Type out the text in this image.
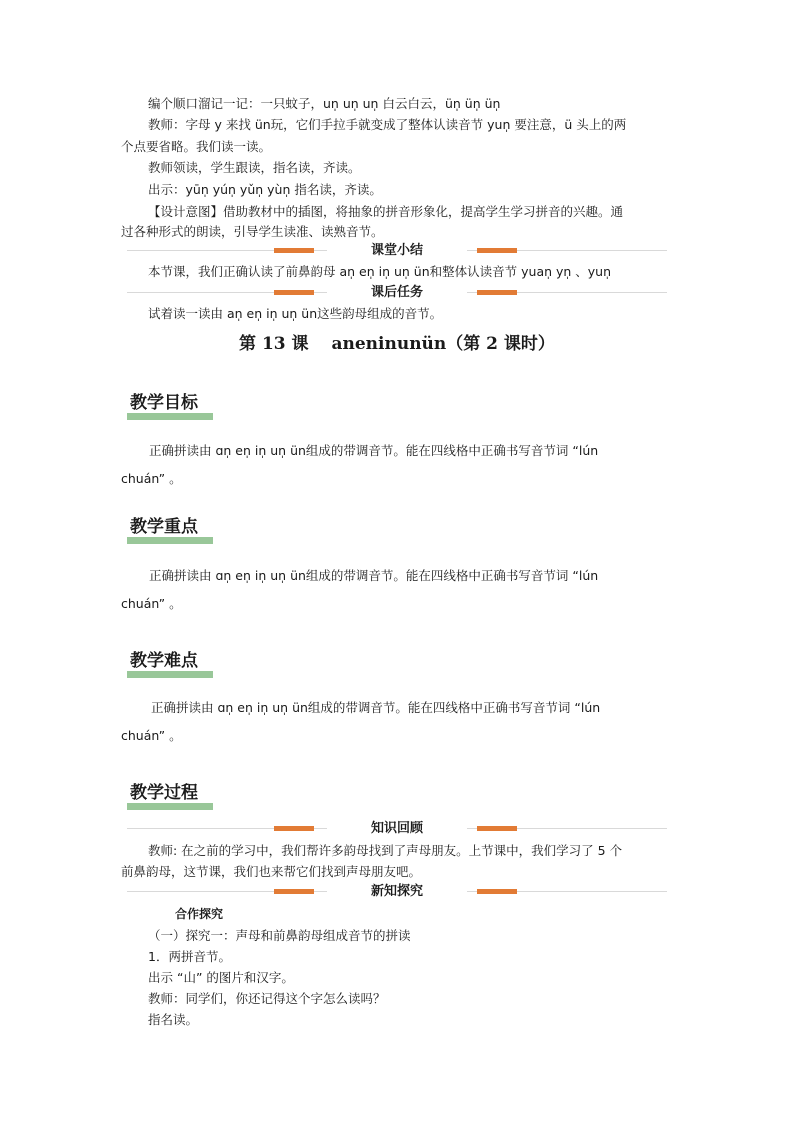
编个顺口溜记一记：一只蚊子，un̩ un̩ un̩ 白云白云，ün̩ ün̩ ün̩
教师：字母 y 来找 ün玩，它们手拉手就变成了整体认读音节 yun̩ 要注意，ü 头上的两
个点要省略。我们读一读。
教师领读，学生跟读，指名读，齐读。
出示：yūn̩ yún̩ yǔn̩ yùn̩ 指名读，齐读。
【设计意图】借助教材中的插图，将抽象的拼音形象化，提高学生学习拼音的兴趣。通
过各种形式的朗读，引导学生读准、读熟音节。
课堂小结
本节课，我们正确认读了前鼻韵母 an̩ en̩ in̩ un̩ ün和整体认读音节 yuan̩ yn̩ 、yun̩
课后任务
试着读一读由 an̩ en̩ in̩ un̩ ün这些韵母组成的音节。
第 13 课　 aneninunün（第 2 课时）
教学目标
正确拼读由 ɑn̩ en̩ in̩ un̩ ün组成的带调音节。能在四线格中正确书写音节词 “lún
chuán” 。
教学重点
正确拼读由 ɑn̩ en̩ in̩ un̩ ün组成的带调音节。能在四线格中正确书写音节词 “lún
chuán” 。
教学难点
正确拼读由 ɑn̩ en̩ in̩ un̩ ün组成的带调音节。能在四线格中正确书写音节词 “lún
chuán” 。
教学过程
知识回顾
教师: 在之前的学习中，我们帮许多韵母找到了声母朋友。上节课中，我们学习了 5 个
前鼻韵母，这节课，我们也来帮它们找到声母朋友吧。
新知探究
合作探究
（一）探究一：声母和前鼻韵母组成音节的拼读
1．两拼音节。
出示 “山” 的图片和汉字。
教师：同学们，你还记得这个字怎么读吗？
指名读。
